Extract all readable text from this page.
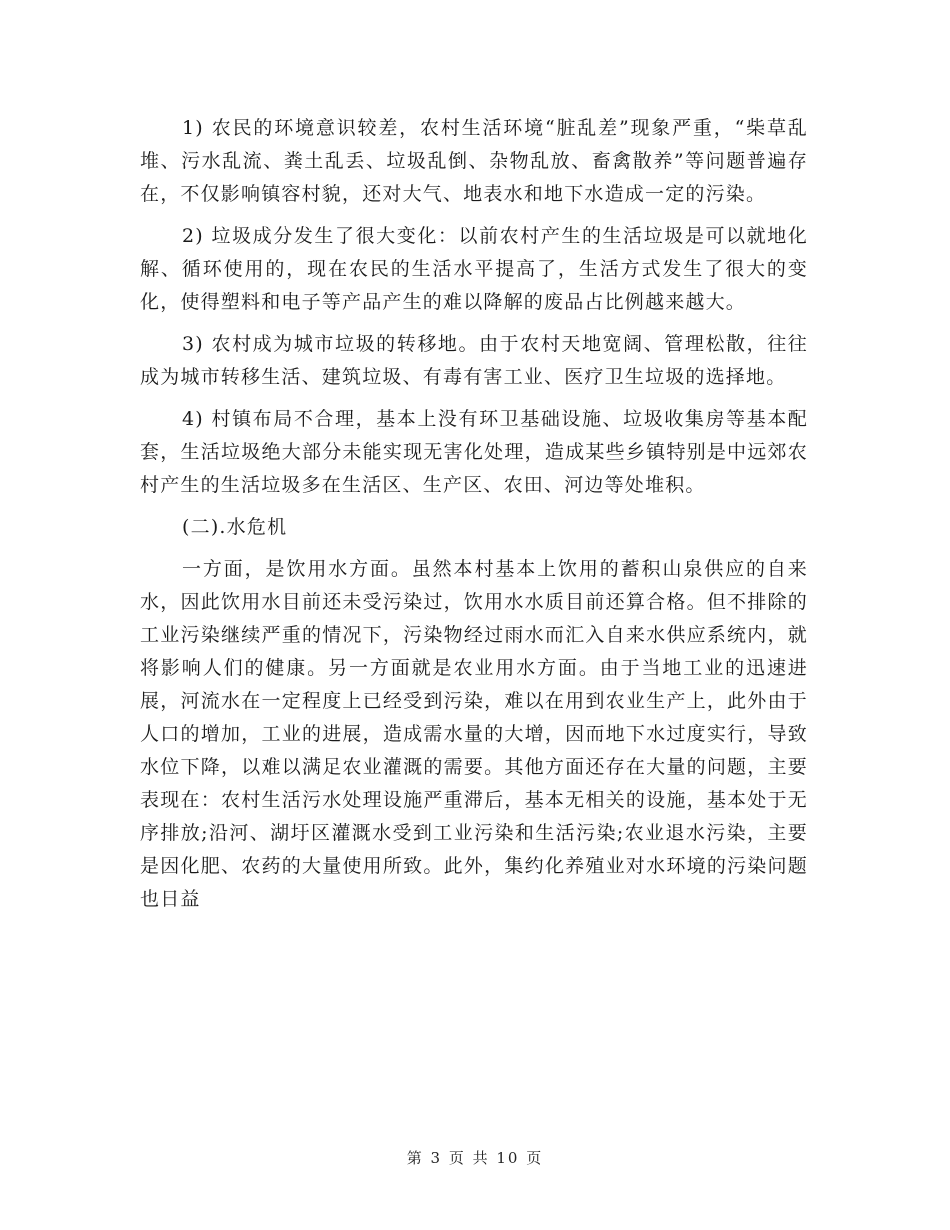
1) 农民的环境意识较差，农村生活环境“脏乱差”现象严重，“柴草乱堆、污水乱流、粪土乱丢、垃圾乱倒、杂物乱放、畜禽散养”等问题普遍存在，不仅影响镇容村貌，还对大气、地表水和地下水造成一定的污染。

2) 垃圾成分发生了很大变化：以前农村产生的生活垃圾是可以就地化解、循环使用的，现在农民的生活水平提高了，生活方式发生了很大的变化，使得塑料和电子等产品产生的难以降解的废品占比例越来越大。

3) 农村成为城市垃圾的转移地。由于农村天地宽阔、管理松散，往往成为城市转移生活、建筑垃圾、有毒有害工业、医疗卫生垃圾的选择地。

4) 村镇布局不合理，基本上没有环卫基础设施、垃圾收集房等基本配套，生活垃圾绝大部分未能实现无害化处理，造成某些乡镇特别是中远郊农村产生的生活垃圾多在生活区、生产区、农田、河边等处堆积。

(二).水危机

一方面，是饮用水方面。虽然本村基本上饮用的蓄积山泉供应的自来水，因此饮用水目前还未受污染过，饮用水水质目前还算合格。但不排除的工业污染继续严重的情况下，污染物经过雨水而汇入自来水供应系统内，就将影响人们的健康。另一方面就是农业用水方面。由于当地工业的迅速进展，河流水在一定程度上已经受到污染，难以在用到农业生产上，此外由于人口的增加，工业的进展，造成需水量的大增，因而地下水过度实行，导致水位下降，以难以满足农业灌溉的需要。其他方面还存在大量的问题，主要表现在：农村生活污水处理设施严重滞后，基本无相关的设施，基本处于无序排放;沿河、湖圩区灌溉水受到工业污染和生活污染;农业退水污染，主要是因化肥、农药的大量使用所致。此外，集约化养殖业对水环境的污染问题也日益

第 3 页 共 10 页
